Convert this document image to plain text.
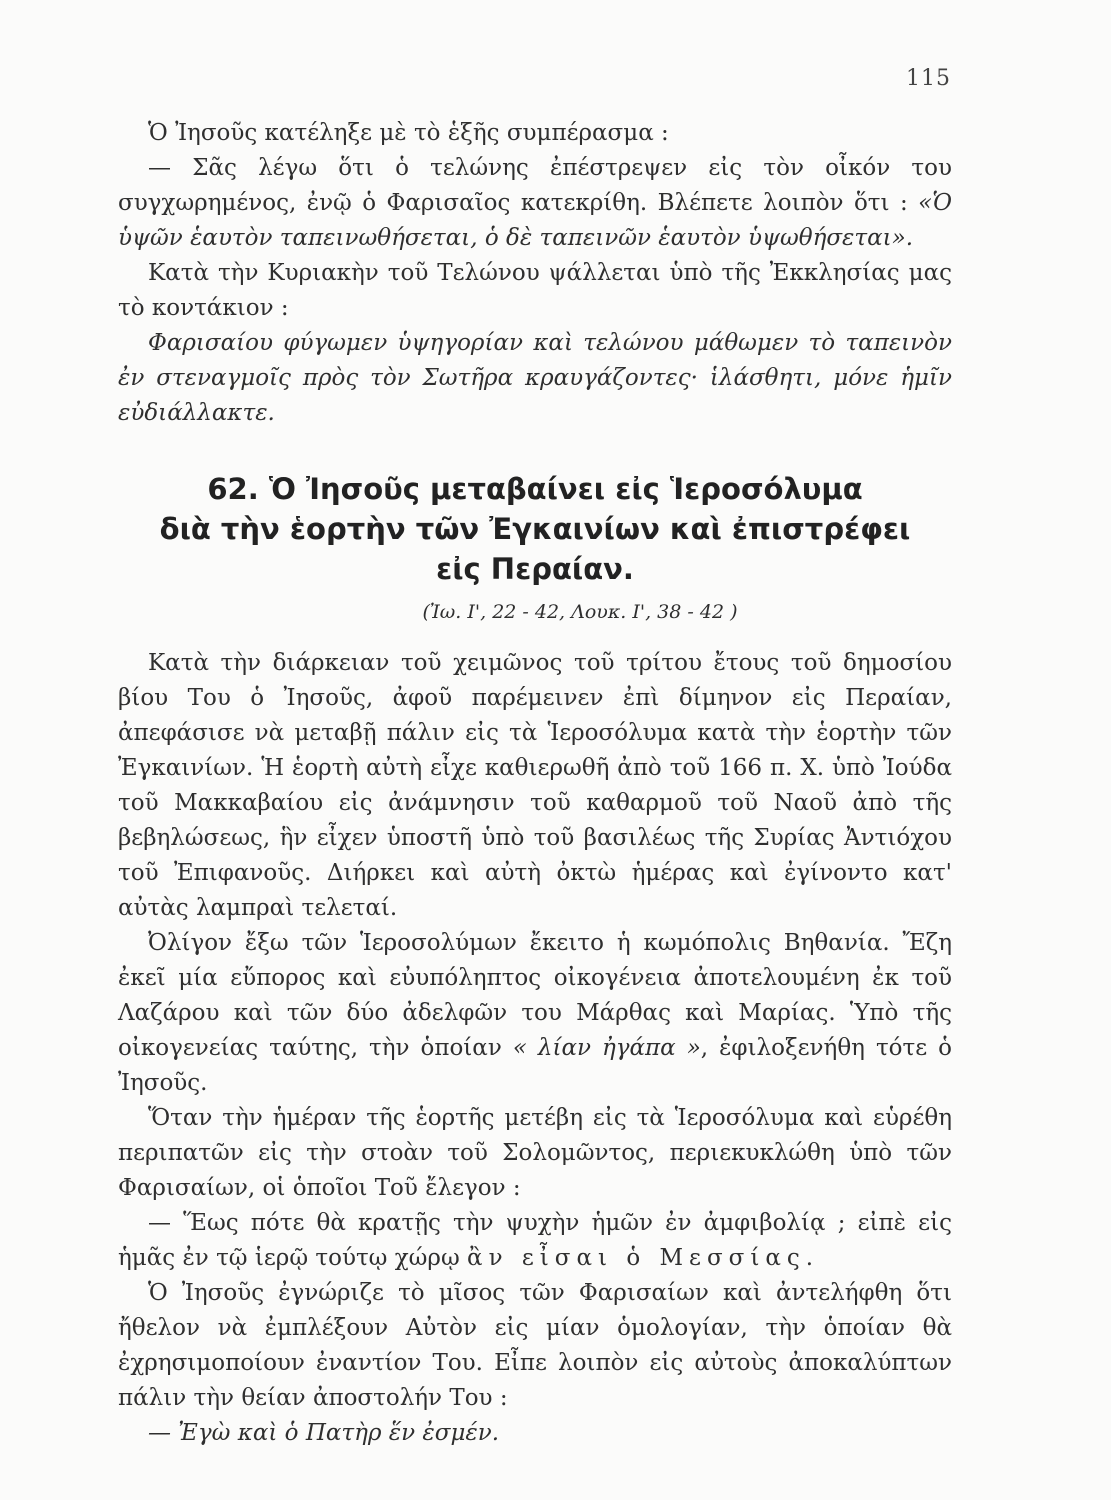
115

Ὁ Ἰησοῦς κατέληξε μὲ τὸ ἑξῆς συμπέρασμα :

— Σᾶς λέγω ὅτι ὁ τελώνης ἐπέστρεψεν εἰς τὸν οἶκόν του συγχωρημένος, ἐνῷ ὁ Φαρισαῖος κατεκρίθη. Βλέπετε λοιπὸν ὅτι : «Ὁ ὑψῶν ἑαυτὸν ταπεινωθήσεται, ὁ δὲ ταπεινῶν ἑαυτὸν ὑψωθήσεται».

Κατὰ τὴν Κυριακὴν τοῦ Τελώνου ψάλλεται ὑπὸ τῆς Ἐκκλησίας μας τὸ κοντάκιον :

Φαρισαίου φύγωμεν ὑψηγορίαν καὶ τελώνου μάθωμεν τὸ ταπεινὸν ἐν στεναγμοῖς πρὸς τὸν Σωτῆρα κραυγάζοντες· ἱλάσθητι, μόνε ἡμῖν εὐδιάλλακτε.

62. Ὁ Ἰησοῦς μεταβαίνει εἰς Ἱεροσόλυμα
διὰ τὴν ἑορτὴν τῶν Ἐγκαινίων καὶ ἐπιστρέφει
εἰς Περαίαν.

(Ἰω. Ι', 22 - 42, Λουκ. Ι', 38 - 42 )

Κατὰ τὴν διάρκειαν τοῦ χειμῶνος τοῦ τρίτου ἔτους τοῦ δημοσίου βίου Του ὁ Ἰησοῦς, ἀφοῦ παρέμεινεν ἐπὶ δίμηνον εἰς Περαίαν, ἀπεφάσισε νὰ μεταβῇ πάλιν εἰς τὰ Ἱεροσόλυμα κατὰ τὴν ἑορτὴν τῶν Ἐγκαινίων. Ἡ ἑορτὴ αὐτὴ εἶχε καθιερωθῆ ἀπὸ τοῦ 166 π. Χ. ὑπὸ Ἰούδα τοῦ Μακκαβαίου εἰς ἀνάμνησιν τοῦ καθαρμοῦ τοῦ Ναοῦ ἀπὸ τῆς βεβηλώσεως, ἣν εἶχεν ὑποστῆ ὑπὸ τοῦ βασιλέως τῆς Συρίας Ἀντιόχου τοῦ Ἐπιφανοῦς. Διήρκει καὶ αὐτὴ ὀκτὼ ἡμέρας καὶ ἐγίνοντο κατ' αὐτὰς λαμπραὶ τελεταί.

Ὀλίγον ἔξω τῶν Ἱεροσολύμων ἔκειτο ἡ κωμόπολις Βηθανία. Ἔζη ἐκεῖ μία εὔπορος καὶ εὐυπόληπτος οἰκογένεια ἀποτελουμένη ἐκ τοῦ Λαζάρου καὶ τῶν δύο ἀδελφῶν του Μάρθας καὶ Μαρίας. Ὑπὸ τῆς οἰκογενείας ταύτης, τὴν ὁποίαν « λίαν ἠγάπα », ἐφιλοξενήθη τότε ὁ Ἰησοῦς.

Ὅταν τὴν ἡμέραν τῆς ἑορτῆς μετέβη εἰς τὰ Ἱεροσόλυμα καὶ εὑρέθη περιπατῶν εἰς τὴν στοὰν τοῦ Σολομῶντος, περιεκυκλώθη ὑπὸ τῶν Φαρισαίων, οἱ ὁποῖοι Τοῦ ἔλεγον :

— Ἕως πότε θὰ κρατῇς τὴν ψυχὴν ἡμῶν ἐν ἀμφιβολίᾳ ; εἰπὲ εἰς ἡμᾶς ἐν τῷ ἱερῷ τούτῳ χώρῳ ἂν εἶσαι ὁ Μεσσίας.

Ὁ Ἰησοῦς ἐγνώριζε τὸ μῖσος τῶν Φαρισαίων καὶ ἀντελήφθη ὅτι ἤθελον νὰ ἐμπλέξουν Αὐτὸν εἰς μίαν ὁμολογίαν, τὴν ὁποίαν θὰ ἐχρησιμοποίουν ἐναντίον Του. Εἶπε λοιπὸν εἰς αὐτοὺς ἀποκαλύπτων πάλιν τὴν θείαν ἀποστολήν Του :

— Ἐγὼ καὶ ὁ Πατὴρ ἕν ἐσμέν.
